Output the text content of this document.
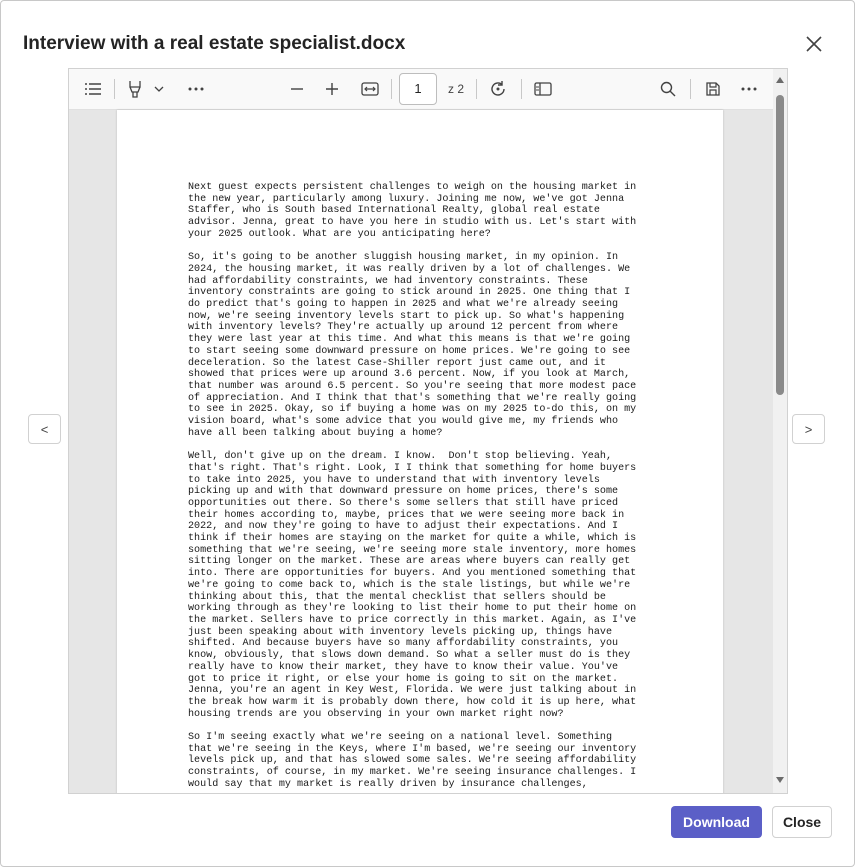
Interview with a real estate specialist.docx
1
z 2

Next guest expects persistent challenges to weigh on the housing market in
the new year, particularly among luxury. Joining me now, we've got Jenna
Staffer, who is South based International Realty, global real estate
advisor. Jenna, great to have you here in studio with us. Let's start with
your 2025 outlook. What are you anticipating here?

So, it's going to be another sluggish housing market, in my opinion. In
2024, the housing market, it was really driven by a lot of challenges. We
had affordability constraints, we had inventory constraints. These
inventory constraints are going to stick around in 2025. One thing that I
do predict that's going to happen in 2025 and what we're already seeing
now, we're seeing inventory levels start to pick up. So what's happening
with inventory levels? They're actually up around 12 percent from where
they were last year at this time. And what this means is that we're going
to start seeing some downward pressure on home prices. We're going to see
deceleration. So the latest Case-Shiller report just came out, and it
showed that prices were up around 3.6 percent. Now, if you look at March,
that number was around 6.5 percent. So you're seeing that more modest pace
of appreciation. And I think that that's something that we're really going
to see in 2025. Okay, so if buying a home was on my 2025 to-do this, on my
vision board, what's some advice that you would give me, my friends who
have all been talking about buying a home?

Well, don't give up on the dream. I know.  Don't stop believing. Yeah,
that's right. That's right. Look, I I think that something for home buyers
to take into 2025, you have to understand that with inventory levels
picking up and with that downward pressure on home prices, there's some
opportunities out there. So there's some sellers that still have priced
their homes according to, maybe, prices that we were seeing more back in
2022, and now they're going to have to adjust their expectations. And I
think if their homes are staying on the market for quite a while, which is
something that we're seeing, we're seeing more stale inventory, more homes
sitting longer on the market. These are areas where buyers can really get
into. There are opportunities for buyers. And you mentioned something that
we're going to come back to, which is the stale listings, but while we're
thinking about this, that the mental checklist that sellers should be
working through as they're looking to list their home to put their home on
the market. Sellers have to price correctly in this market. Again, as I've
just been speaking about with inventory levels picking up, things have
shifted. And because buyers have so many affordability constraints, you
know, obviously, that slows down demand. So what a seller must do is they
really have to know their market, they have to know their value. You've
got to price it right, or else your home is going to sit on the market.
Jenna, you're an agent in Key West, Florida. We were just talking about in
the break how warm it is probably down there, how cold it is up here, what
housing trends are you observing in your own market right now?

So I'm seeing exactly what we're seeing on a national level. Something
that we're seeing in the Keys, where I'm based, we're seeing our inventory
levels pick up, and that has slowed some sales. We're seeing affordability
constraints, of course, in my market. We're seeing insurance challenges. I
would say that my market is really driven by insurance challenges,

<	>
Download	Close
